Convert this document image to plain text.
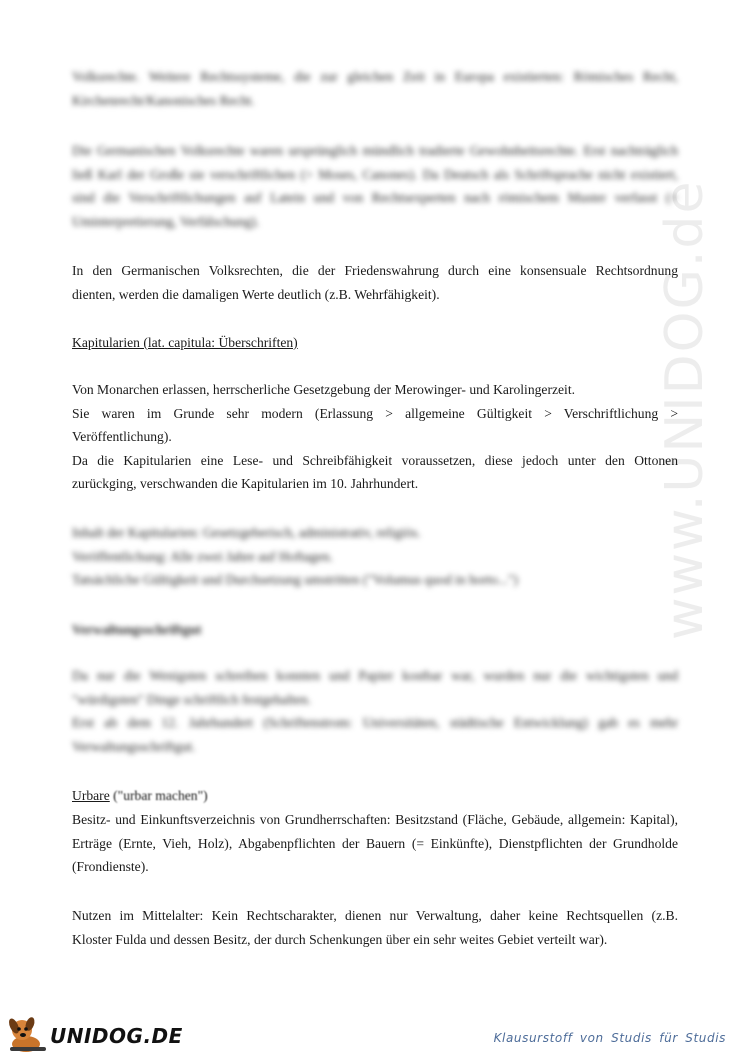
www.UNIDOG.de
Volksrechte. Weitere Rechtssysteme, die zur gleichen Zeit in Europa existierten: Römisches Recht,
Kirchenrecht/Kanonisches Recht.
Die Germanischen Volksrechte waren ursprünglich mündlich tradierte Gewohnheitsrechte. Erst nachträglich
ließ Karl der Große sie verschriftlichen (> Moses, Canones). Da Deutsch als Schriftsprache nicht existiert,
sind die Verschriftlichungen auf Latein und von Rechtsexperten nach römischem Muster verfasst (>
Uminterpretierung, Verfälschung).
In den Germanischen Volksrechten, die der Friedenswahrung durch eine konsensuale Rechtsordnung
dienten, werden die damaligen Werte deutlich (z.B. Wehrfähigkeit).
Kapitularien (lat. capitula: Überschriften)
Von Monarchen erlassen, herrscherliche Gesetzgebung der Merowinger- und Karolingerzeit.
Sie waren im Grunde sehr modern (Erlassung > allgemeine Gültigkeit > Verschriftlichung >
Veröffentlichung).
Da die Kapitularien eine Lese- und Schreibfähigkeit voraussetzen, diese jedoch unter den Ottonen
zurückging, verschwanden die Kapitularien im 10. Jahrhundert.
Inhalt der Kapitularien: Gesetzgeberisch, administrativ, religiös.
Veröffentlichung: Alle zwei Jahre auf Hoftagen.
Tatsächliche Gültigkeit und Durchsetzung umstritten ("Volumus quod in horto...")
Verwaltungsschriftgut
Da nur die Wenigsten schreiben konnten und Papier kostbar war, wurden nur die wichtigsten und
"würdigsten" Dinge schriftlich festgehalten.
Erst ab dem 12. Jahrhundert (Schriftenstrom: Universitäten, städtische Entwicklung) gab es mehr
Verwaltungsschriftgut.
Urbare ("urbar machen")
Besitz- und Einkunftsverzeichnis von Grundherrschaften: Besitzstand (Fläche, Gebäude, allgemein: Kapital),
Erträge (Ernte, Vieh, Holz), Abgabenpflichten der Bauern (= Einkünfte), Dienstpflichten der Grundholde
(Frondienste).
Nutzen im Mittelalter: Kein Rechtscharakter, dienen nur Verwaltung, daher keine Rechtsquellen (z.B.
Kloster Fulda und dessen Besitz, der durch Schenkungen über ein sehr weites Gebiet verteilt war).
UNIDOG.DE	Klausurstoff von Studis für Studis
